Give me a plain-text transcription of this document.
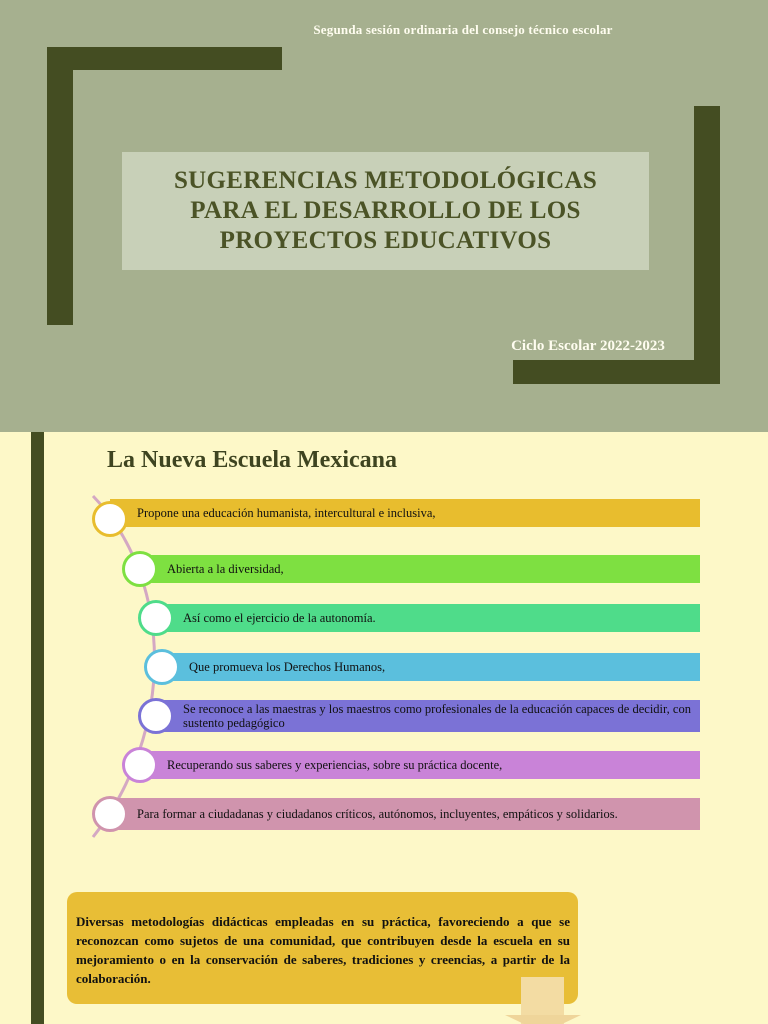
Segunda sesión ordinaria del consejo técnico escolar
SUGERENCIAS METODOLÓGICAS
PARA EL DESARROLLO DE LOS
PROYECTOS EDUCATIVOS
Ciclo Escolar 2022-2023
La Nueva Escuela Mexicana
Propone una educación humanista, intercultural e inclusiva,
Abierta a la diversidad,
Así como el ejercicio de la autonomía.
Que promueva los Derechos Humanos,
Se reconoce a las maestras y los maestros como profesionales de la educación capaces de decidir, con sustento pedagógico
Recuperando sus saberes y experiencias, sobre su práctica docente,
Para formar a ciudadanas y ciudadanos críticos, autónomos, incluyentes, empáticos y solidarios.
Diversas metodologías didácticas empleadas en su práctica, favoreciendo a que se reconozcan como sujetos de una comunidad, que contribuyen desde la escuela en su mejoramiento o en la conservación de saberes, tradiciones y creencias, a partir de la colaboración.
